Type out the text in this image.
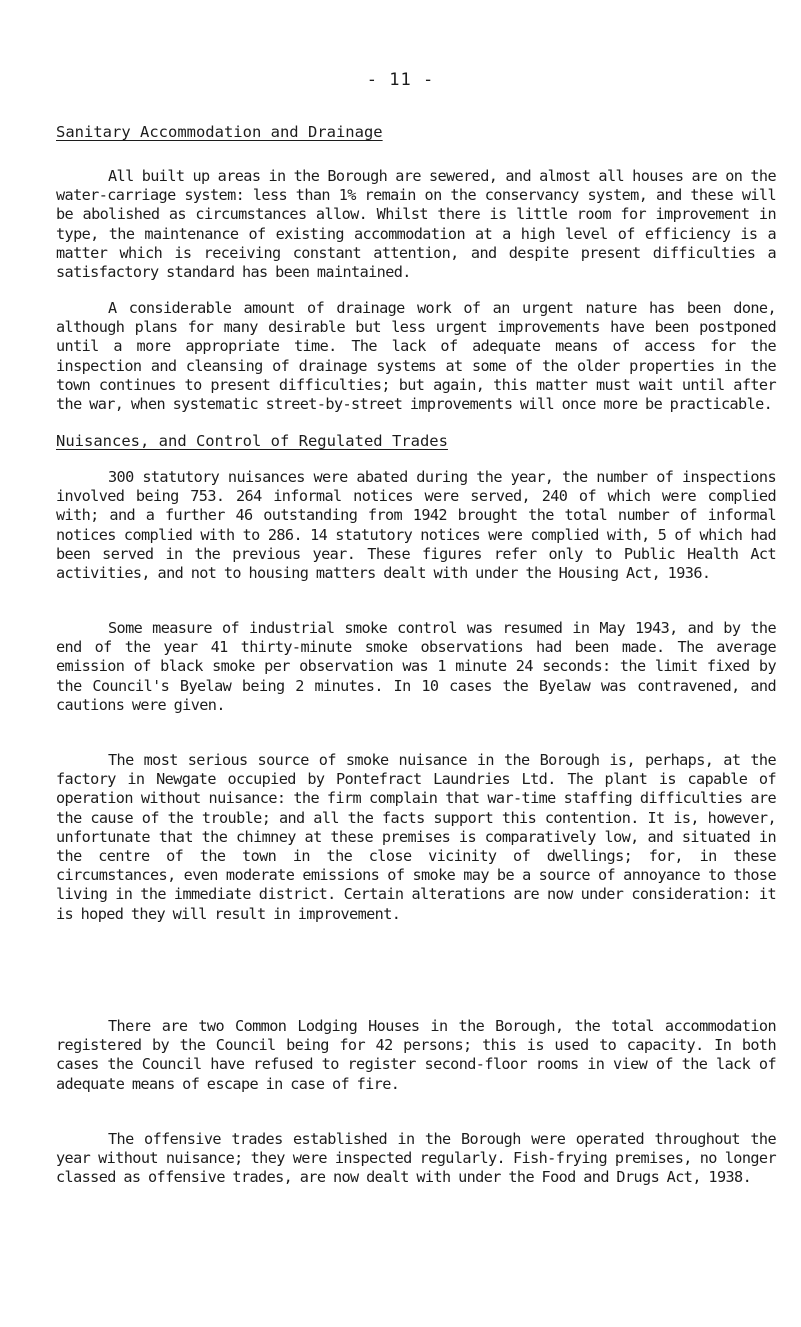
- 11 -
Sanitary Accommodation and Drainage

All built up areas in the Borough are sewered, and almost all houses are on the water-carriage system: less than 1% remain on the conservancy system, and these will be abolished as circumstances allow. Whilst there is little room for improvement in type, the maintenance of existing accommodation at a high level of efficiency is a matter which is receiving constant attention, and despite present difficulties a satisfactory standard has been maintained.

A considerable amount of drainage work of an urgent nature has been done, although plans for many desirable but less urgent improvements have been postponed until a more appropriate time. The lack of adequate means of access for the inspection and cleansing of drainage systems at some of the older properties in the town continues to present difficulties; but again, this matter must wait until after the war, when systematic street-by-street improvements will once more be practicable.

Nuisances, and Control of Regulated Trades

300 statutory nuisances were abated during the year, the number of inspections involved being 753. 264 informal notices were served, 240 of which were complied with; and a further 46 outstanding from 1942 brought the total number of informal notices complied with to 286. 14 statutory notices were complied with, 5 of which had been served in the previous year. These figures refer only to Public Health Act activities, and not to housing matters dealt with under the Housing Act, 1936.

Some measure of industrial smoke control was resumed in May 1943, and by the end of the year 41 thirty-minute smoke observations had been made. The average emission of black smoke per observation was 1 minute 24 seconds: the limit fixed by the Council's Byelaw being 2 minutes. In 10 cases the Byelaw was contravened, and cautions were given.

The most serious source of smoke nuisance in the Borough is, perhaps, at the factory in Newgate occupied by Pontefract Laundries Ltd. The plant is capable of operation without nuisance: the firm complain that war-time staffing difficulties are the cause of the trouble; and all the facts support this contention. It is, however, unfortunate that the chimney at these premises is comparatively low, and situated in the centre of the town in the close vicinity of dwellings; for, in these circumstances, even moderate emissions of smoke may be a source of annoyance to those living in the immediate district. Certain alterations are now under consideration: it is hoped they will result in improvement.

There are two Common Lodging Houses in the Borough, the total accommodation registered by the Council being for 42 persons; this is used to capacity. In both cases the Council have refused to register second-floor rooms in view of the lack of adequate means of escape in case of fire.

The offensive trades established in the Borough were operated throughout the year without nuisance; they were inspected regularly. Fish-frying premises, no longer classed as offensive trades, are now dealt with under the Food and Drugs Act, 1938.
